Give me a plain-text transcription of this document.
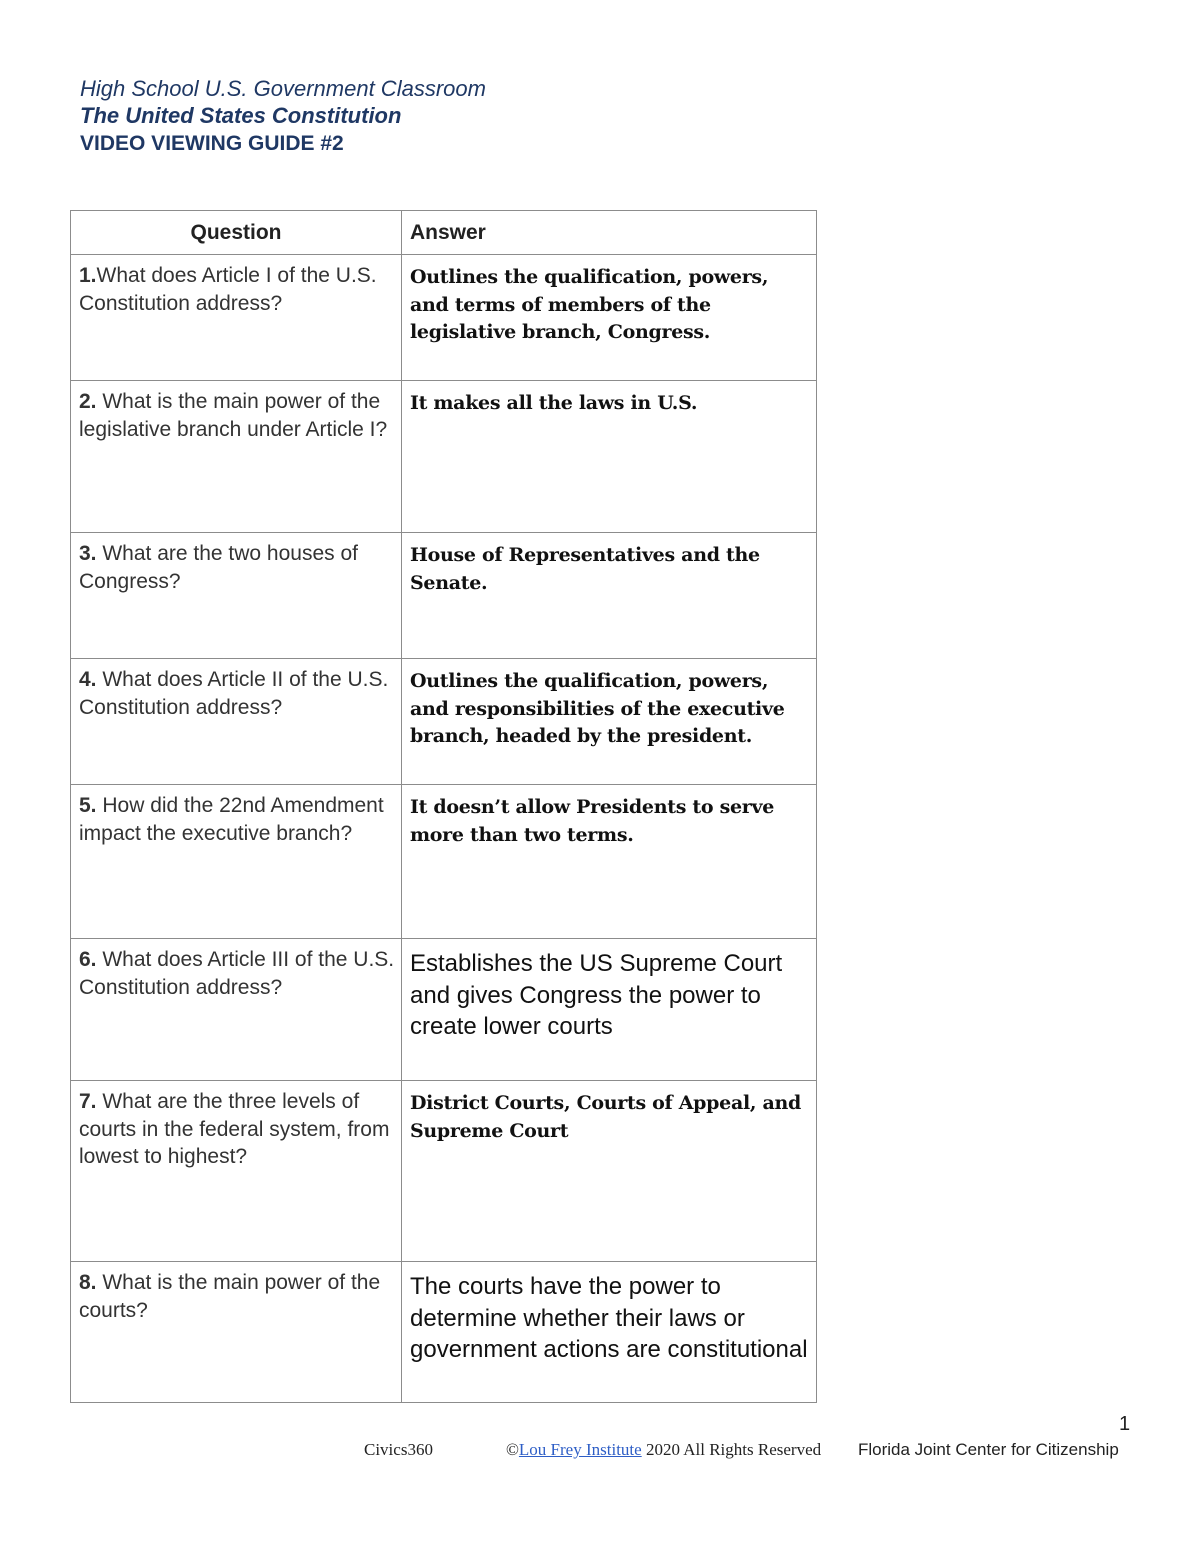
High School U.S. Government Classroom
The United States Constitution
VIDEO VIEWING GUIDE #2
Question	Answer

1.What does Article I of the U.S. Constitution address?	Outlines the qualification, powers, and terms of members of the legislative branch, Congress.

2. What is the main power of the legislative branch under Article I?	It makes all the laws in U.S.

3. What are the two houses of Congress?	House of Representatives and the Senate.

4. What does Article II of the U.S. Constitution address?	Outlines the qualification, powers, and responsibilities of the executive branch, headed by the president.

5. How did the 22nd Amendment impact the executive branch?	It doesn’t allow Presidents to serve more than two terms.

6. What does Article III of the U.S. Constitution address?	Establishes the US Supreme Court and gives Congress the power to create lower courts

7. What are the three levels of courts in the federal system, from lowest to highest?	District Courts, Courts of Appeal, and Supreme Court

8. What is the main power of the courts?	The courts have the power to determine whether their laws or government actions are constitutional
1
Civics360	©Lou Frey Institute 2020 All Rights Reserved Florida Joint Center for Citizenship
